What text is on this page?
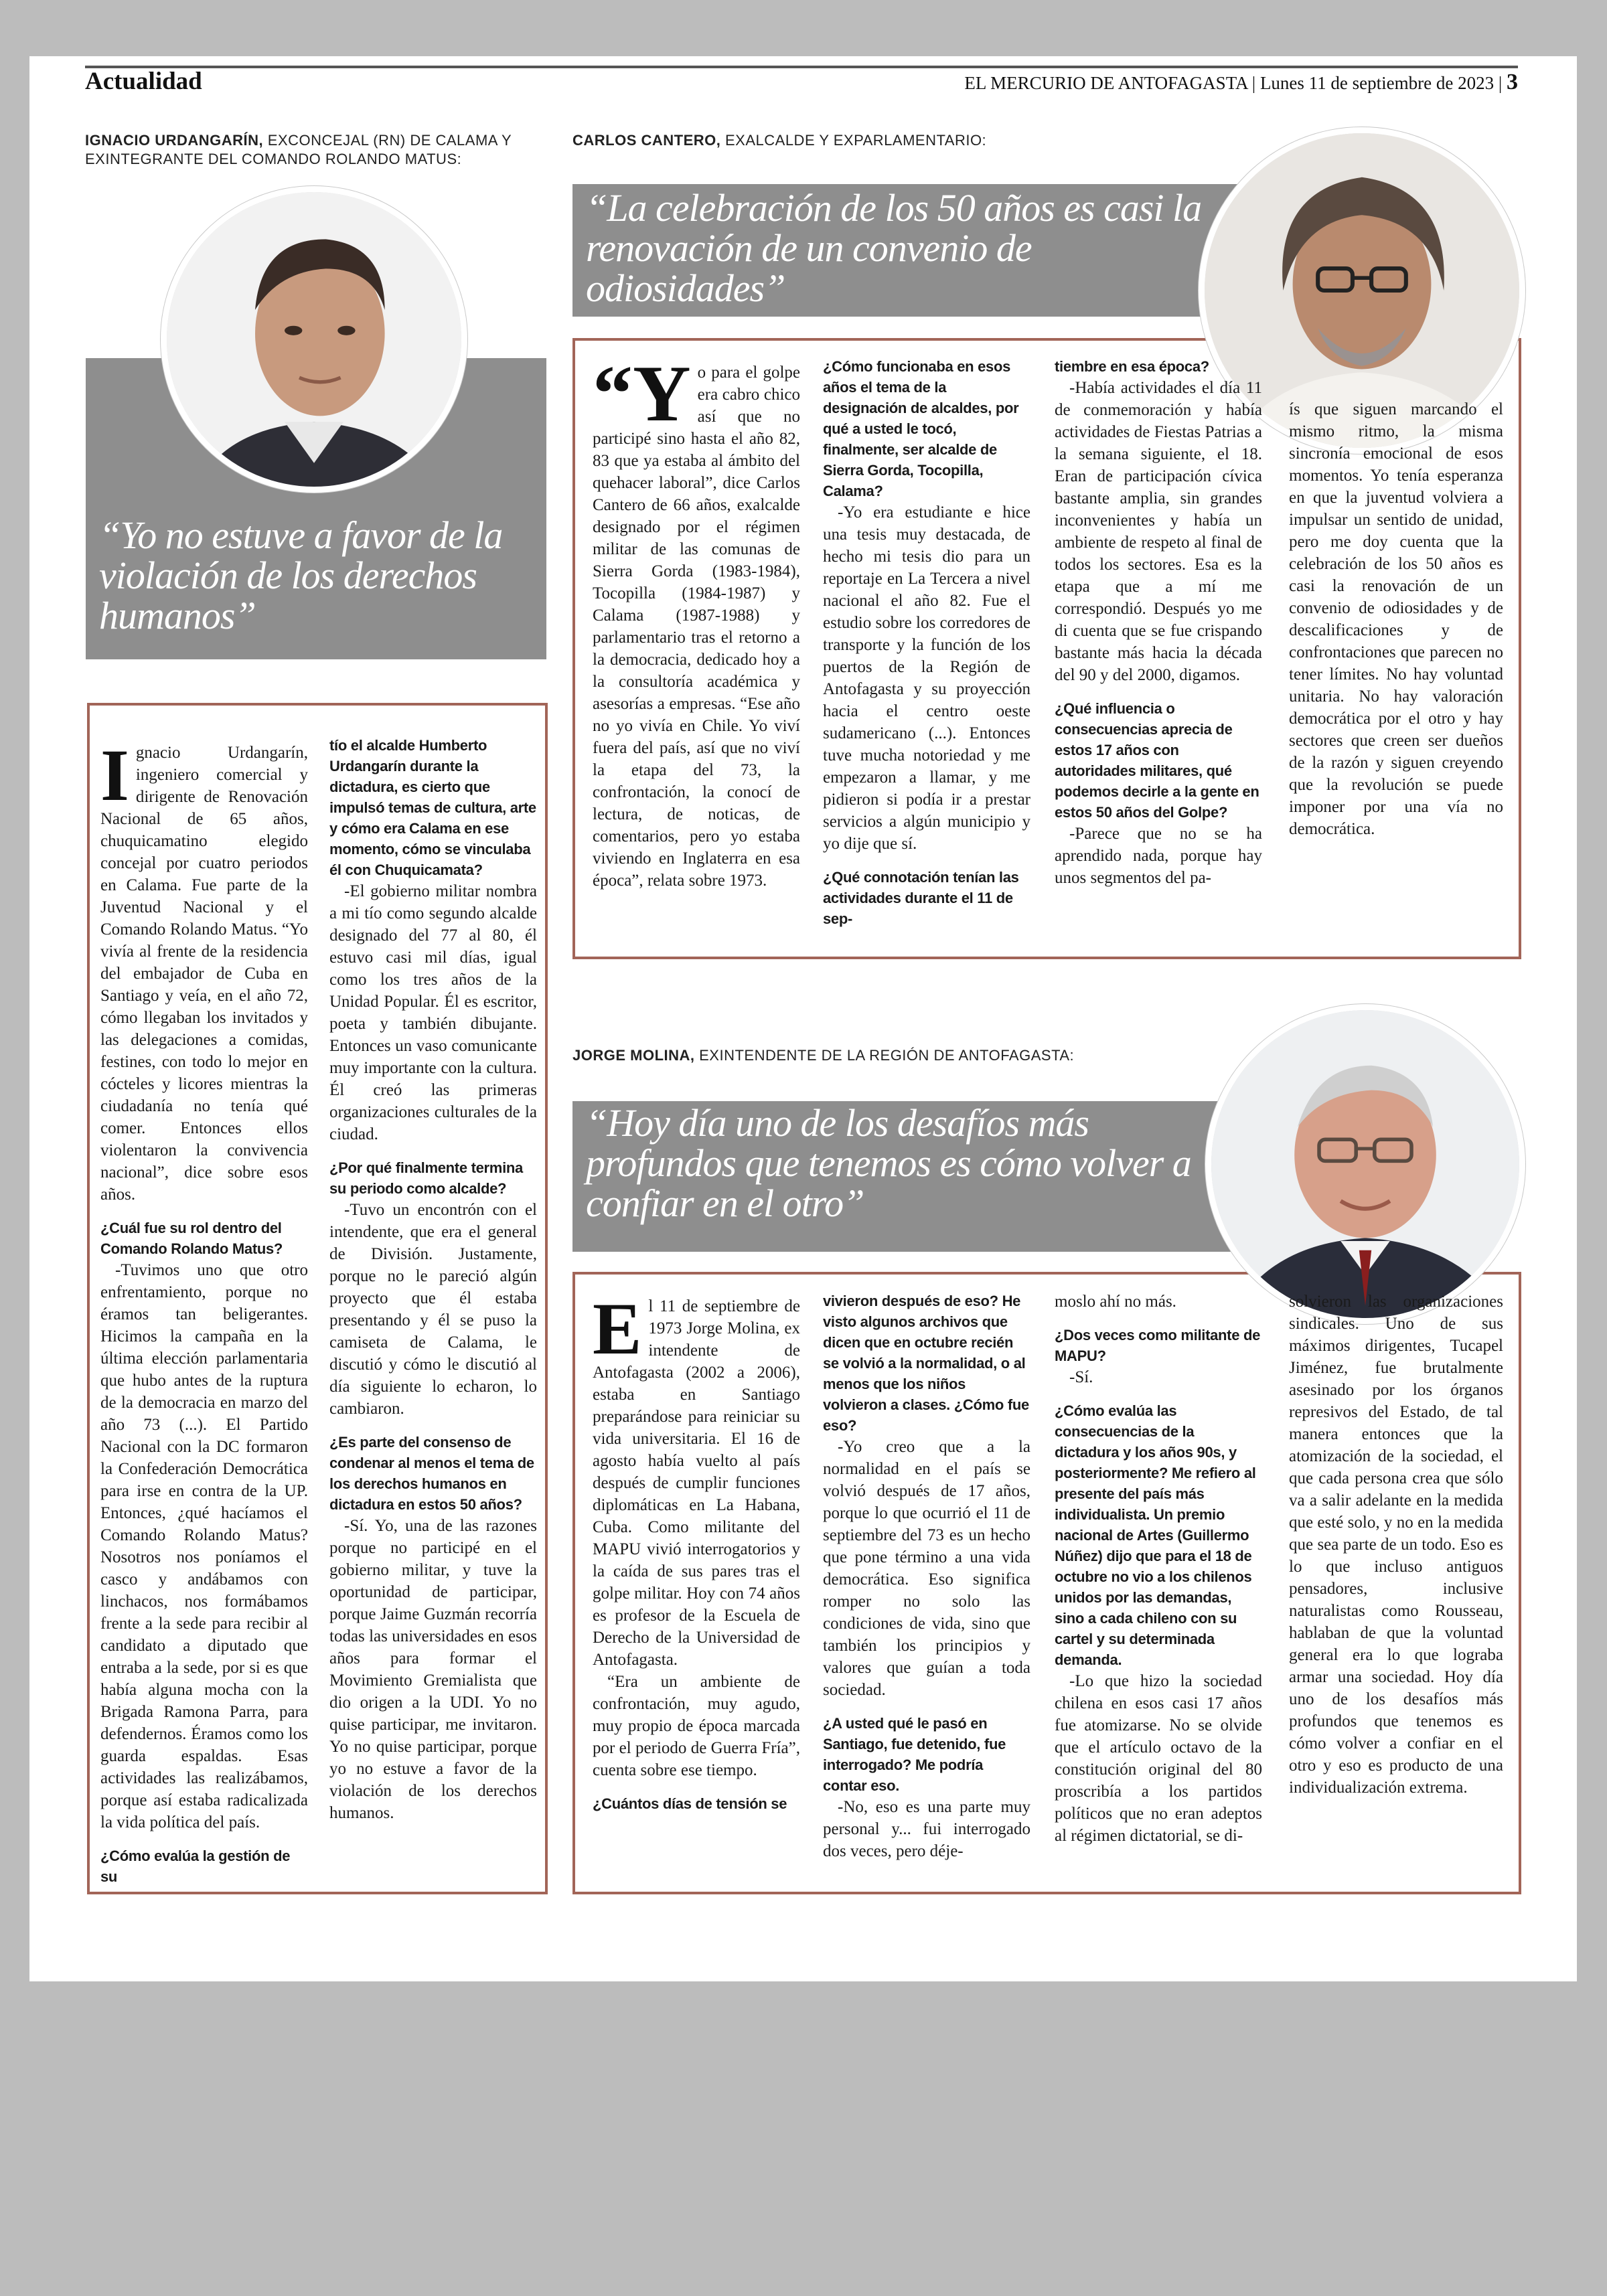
Actualidad	EL MERCURIO DE ANTOFAGASTA | Lunes 11 de septiembre de 2023 | 3
IGNACIO URDANGARÍN, EXCONCEJAL (RN) DE CALAMA Y EXINTEGRANTE DEL COMANDO ROLANDO MATUS:
“Yo no estuve a favor de la violación de los derechos humanos”
I gnacio Urdangarín, ingeniero comercial y dirigente de Renovación Nacional de 65 años, chuquicamatino elegido concejal por cuatro periodos en Calama. Fue parte de la Juventud Nacional y el Comando Rolando Matus. “Yo vivía al frente de la residencia del embajador de Cuba en Santiago y veía, en el año 72, cómo llegaban los invitados y las delegaciones a comidas, festines, con todo lo mejor en cócteles y licores mientras la ciudadanía no tenía qué comer. Entonces ellos violentaron la convivencia nacional”, dice sobre esos años.

¿Cuál fue su rol dentro del Comando Rolando Matus?

-Tuvimos uno que otro enfrentamiento, porque no éramos tan beligerantes. Hicimos la campaña en la última elección parlamentaria que hubo antes de la ruptura de la democracia en marzo del año 73 (...). El Partido Nacional con la DC formaron la Confederación Democrática para irse en contra de la UP. Entonces, ¿qué hacíamos el Comando Rolando Matus? Nosotros nos poníamos el casco y andábamos con linchacos, nos formábamos frente a la sede para recibir al candidato a diputado que entraba a la sede, por si es que había alguna mocha con la Brigada Ramona Parra, para defendernos. Éramos como los guarda espaldas. Esas actividades las realizábamos, porque así estaba radicalizada la vida política del país.

¿Cómo evalúa la gestión de su

tío el alcalde Humberto Urdangarín durante la dictadura, es cierto que impulsó temas de cultura, arte y cómo era Calama en ese momento, cómo se vinculaba él con Chuquicamata?

-El gobierno militar nombra a mi tío como segundo alcalde designado del 77 al 80, él estuvo casi mil días, igual como los tres años de la Unidad Popular. Él es escritor, poeta y también dibujante. Entonces un vaso comunicante muy importante con la cultura. Él creó las primeras organizaciones culturales de la ciudad.

¿Por qué finalmente termina su periodo como alcalde?

-Tuvo un encontrón con el intendente, que era el general de División. Justamente, porque no le pareció algún proyecto que él estaba presentando y él se puso la camiseta de Calama, le discutió y cómo le discutió al día siguiente lo echaron, lo cambiaron.

¿Es parte del consenso de condenar al menos el tema de los derechos humanos en dictadura en estos 50 años?

-Sí. Yo, una de las razones porque no participé en el gobierno militar, y tuve la oportunidad de participar, porque Jaime Guzmán recorría todas las universidades en esos años para formar el Movimiento Gremialista que dio origen a la UDI. Yo no quise participar, me invitaron. Yo no quise participar, porque yo no estuve a favor de la violación de los derechos humanos.

CARLOS CANTERO, EXALCALDE Y EXPARLAMENTARIO:
“La celebración de los 50 años es casi la renovación de un convenio de odiosidades”
“Y o para el golpe era cabro chico así que no participé sino hasta el año 82, 83 que ya estaba al ámbito del quehacer laboral”, dice Carlos Cantero de 66 años, exalcalde designado por el régimen militar de las comunas de Sierra Gorda (1983-1984), Tocopilla (1984-1987) y Calama (1987-1988) y parlamentario tras el retorno a la democracia, dedicado hoy a la consultoría académica y asesorías a empresas. “Ese año no yo vivía en Chile. Yo viví fuera del país, así que no viví la etapa del 73, la confrontación, la conocí de lectura, de noticas, de comentarios, pero yo estaba viviendo en Inglaterra en esa época”, relata sobre 1973.

¿Cómo funcionaba en esos años el tema de la designación de alcaldes, por qué a usted le tocó, finalmente, ser alcalde de Sierra Gorda, Tocopilla, Calama?

-Yo era estudiante e hice una tesis muy destacada, de hecho mi tesis dio para un reportaje en La Tercera a nivel nacional el año 82. Fue el estudio sobre los corredores de transporte y la función de los puertos de la Región de Antofagasta y su proyección hacia el centro oeste sudamericano (...). Entonces tuve mucha notoriedad y me empezaron a llamar, y me pidieron si podía ir a prestar servicios a algún municipio y yo dije que sí.

¿Qué connotación tenían las actividades durante el 11 de sep-

tiembre en esa época?

-Había actividades el día 11 de conmemoración y había actividades de Fiestas Patrias a la semana siguiente, el 18. Eran de participación cívica bastante amplia, sin grandes inconvenientes y había un ambiente de respeto al final de todos los sectores. Esa es la etapa que a mí me correspondió. Después yo me di cuenta que se fue crispando bastante más hacia la década del 90 y del 2000, digamos.

¿Qué influencia o consecuencias aprecia de estos 17 años con autoridades militares, qué podemos decirle a la gente en estos 50 años del Golpe?

-Parece que no se ha aprendido nada, porque hay unos segmentos del pa-

ís que siguen marcando el mismo ritmo, la misma sincronía emocional de esos momentos. Yo tenía esperanza en que la juventud volviera a impulsar un sentido de unidad, pero me doy cuenta que la celebración de los 50 años es casi la renovación de un convenio de odiosidades y de descalificaciones y de confrontaciones que parecen no tener límites. No hay voluntad unitaria. No hay valoración democrática por el otro y hay sectores que creen ser dueños de la razón y siguen creyendo que la revolución se puede imponer por una vía no democrática.

JORGE MOLINA, EXINTENDENTE DE LA REGIÓN DE ANTOFAGASTA:
“Hoy día uno de los desafíos más profundos que tenemos es cómo volver a confiar en el otro”
E l 11 de septiembre de 1973 Jorge Molina, ex intendente de Antofagasta (2002 a 2006), estaba en Santiago preparándose para reiniciar su vida universitaria. El 16 de agosto había vuelto al país después de cumplir funciones diplomáticas en La Habana, Cuba. Como militante del MAPU vivió interrogatorios y la caída de sus pares tras el golpe militar. Hoy con 74 años es profesor de la Escuela de Derecho de la Universidad de Antofagasta.

“Era un ambiente de confrontación, muy agudo, muy propio de época marcada por el periodo de Guerra Fría”, cuenta sobre ese tiempo.

¿Cuántos días de tensión se

vivieron después de eso? He visto algunos archivos que dicen que en octubre recién se volvió a la normalidad, o al menos que los niños volvieron a clases. ¿Cómo fue eso?

-Yo creo que a la normalidad en el país se volvió después de 17 años, porque lo que ocurrió el 11 de septiembre del 73 es un hecho que pone término a una vida democrática. Eso significa romper no solo las condiciones de vida, sino que también los principios y valores que guían a toda sociedad.

¿A usted qué le pasó en Santiago, fue detenido, fue interrogado? Me podría contar eso.

-No, eso es una parte muy personal y... fui interrogado dos veces, pero déje-

moslo ahí no más.

¿Dos veces como militante de MAPU?

-Sí.

¿Cómo evalúa las consecuencias de la dictadura y los años 90s, y posteriormente? Me refiero al presente del país más individualista. Un premio nacional de Artes (Guillermo Núñez) dijo que para el 18 de octubre no vio a los chilenos unidos por las demandas, sino a cada chileno con su cartel y su determinada demanda.

-Lo que hizo la sociedad chilena en esos casi 17 años fue atomizarse. No se olvide que el artículo octavo de la constitución original del 80 proscribía a los partidos políticos que no eran adeptos al régimen dictatorial, se di-

solvieron las organizaciones sindicales. Uno de sus máximos dirigentes, Tucapel Jiménez, fue brutalmente asesinado por los órganos represivos del Estado, de tal manera entonces que la atomización de la sociedad, el que cada persona crea que sólo va a salir adelante en la medida que esté solo, y no en la medida que sea parte de un todo. Eso es lo que incluso antiguos pensadores, inclusive naturalistas como Rousseau, hablaban de que la voluntad general era lo que lograba armar una sociedad. Hoy día uno de los desafíos más profundos que tenemos es cómo volver a confiar en el otro y eso es producto de una individualización extrema.
